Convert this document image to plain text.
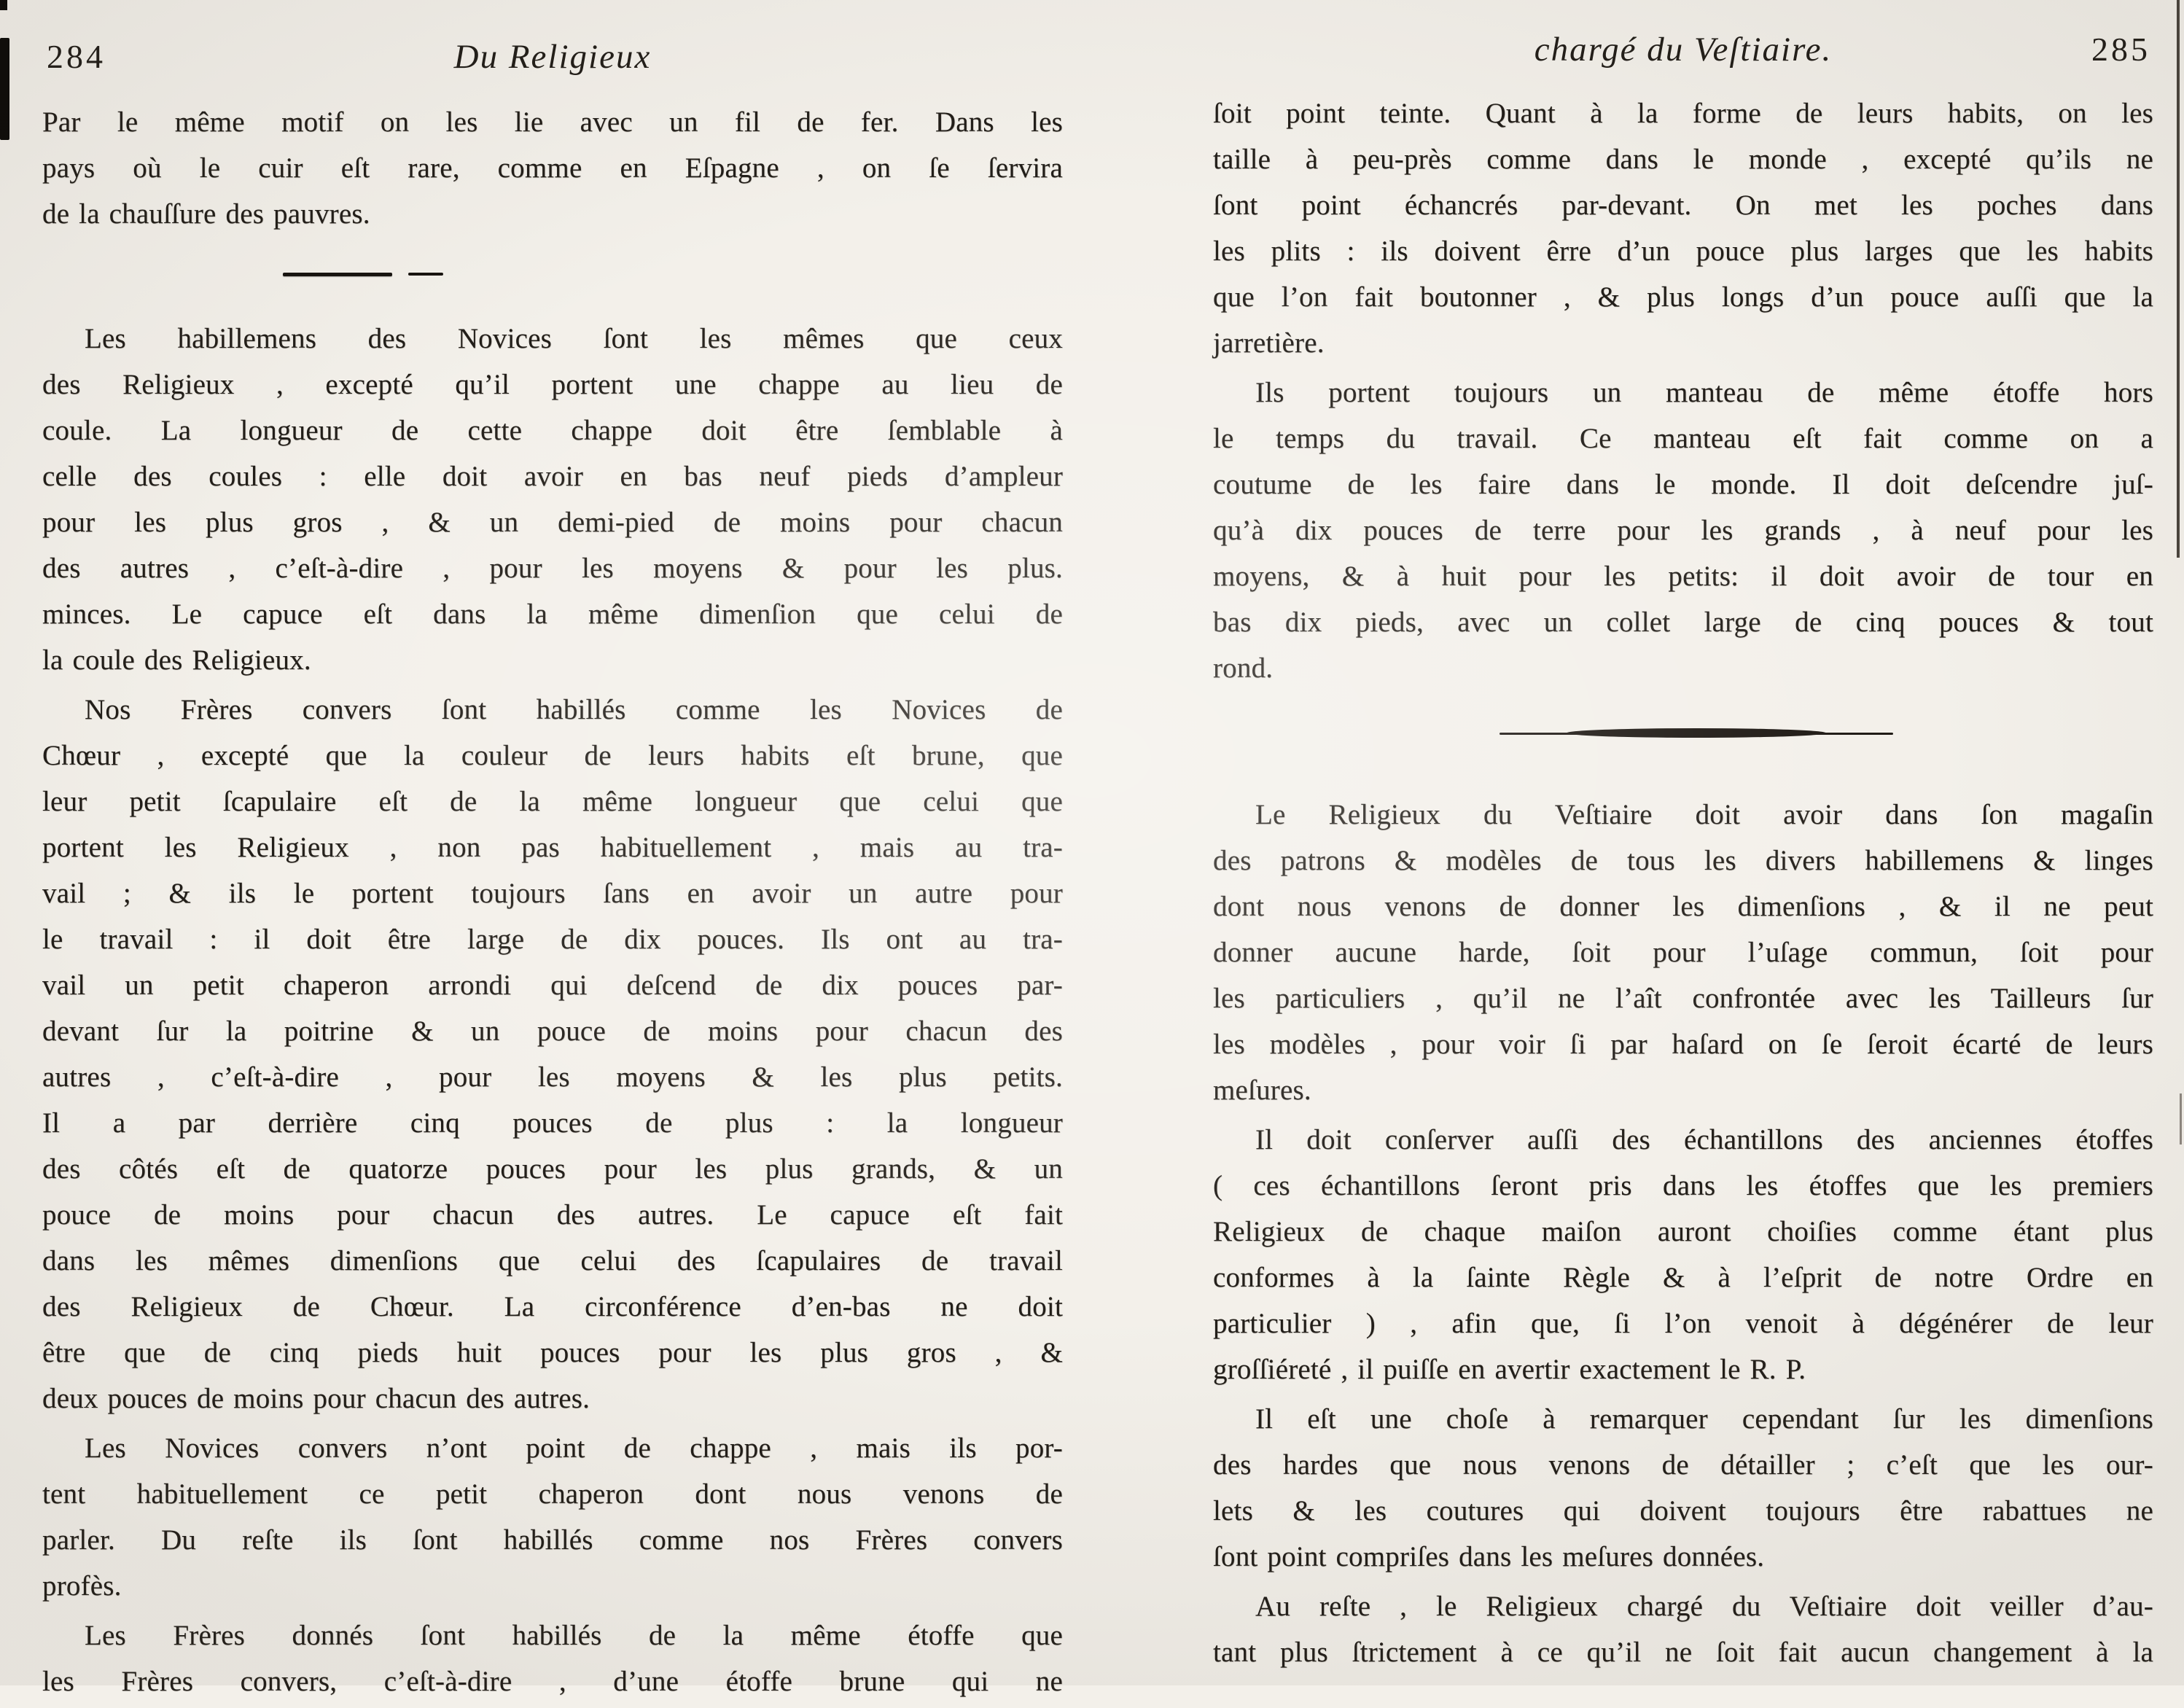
284	Du Religieux
Par le même motif on les lie avec un fil de fer. Dans les
pays où le cuir eſt rare, comme en Eſpagne , on ſe ſervira
de la chauſſure des pauvres.
Les habillemens des Novices ſont les mêmes que ceux
des Religieux , excepté qu’il portent une chappe au lieu de
coule. La longueur de cette chappe doit être ſemblable à
celle des coules : elle doit avoir en bas neuf pieds d’ampleur
pour les plus gros , & un demi-pied de moins pour chacun
des autres , c’eſt-à-dire , pour les moyens & pour les plus.
minces. Le capuce eſt dans la même dimenſion que celui de
la coule des Religieux.
Nos Frères convers ſont habillés comme les Novices de
Chœur , excepté que la couleur de leurs habits eſt brune, que
leur petit ſcapulaire eſt de la même longueur que celui que
portent les Religieux , non pas habituellement , mais au tra-
vail ; & ils le portent toujours ſans en avoir un autre pour
le travail : il doit être large de dix pouces. Ils ont au tra-
vail un petit chaperon arrondi qui deſcend de dix pouces par-
devant ſur la poitrine & un pouce de moins pour chacun des
autres , c’eſt-à-dire , pour les moyens & les plus petits.
Il a par derrière cinq pouces de plus : la longueur
des côtés eſt de quatorze pouces pour les plus grands, & un
pouce de moins pour chacun des autres. Le capuce eſt fait
dans les mêmes dimenſions que celui des ſcapulaires de travail
des Religieux de Chœur. La circonférence d’en-bas ne doit
être que de cinq pieds huit pouces pour les plus gros , &
deux pouces de moins pour chacun des autres.
Les Novices convers n’ont point de chappe , mais ils por-
tent habituellement ce petit chaperon dont nous venons de
parler. Du reſte ils ſont habillés comme nos Frères convers
profès.
Les Frères donnés ſont habillés de la même étoffe que
les Frères convers, c’eſt-à-dire , d’une étoffe brune qui ne
chargé du Veſtiaire.	285
ſoit point teinte. Quant à la forme de leurs habits, on les
taille à peu-près comme dans le monde , excepté qu’ils ne
ſont point échancrés par-devant. On met les poches dans
les plits : ils doivent êrre d’un pouce plus larges que les habits
que l’on fait boutonner , & plus longs d’un pouce auſſi que la
jarretière.
Ils portent toujours un manteau de même étoffe hors
le temps du travail. Ce manteau eſt fait comme on a
coutume de les faire dans le monde. Il doit deſcendre juſ-
qu’à dix pouces de terre pour les grands , à neuf pour les
moyens, & à huit pour les petits: il doit avoir de tour en
bas dix pieds, avec un collet large de cinq pouces & tout
rond.
Le Religieux du Veſtiaire doit avoir dans ſon magaſin
des patrons & modèles de tous les divers habillemens & linges
dont nous venons de donner les dimenſions , & il ne peut
donner aucune harde, ſoit pour l’uſage commun, ſoit pour
les particuliers , qu’il ne l’aît confrontée avec les Tailleurs ſur
les modèles , pour voir ſi par haſard on ſe ſeroit écarté de leurs
meſures.
Il doit conſerver auſſi des échantillons des anciennes étoffes
( ces échantillons ſeront pris dans les étoffes que les premiers
Religieux de chaque maiſon auront choiſies comme étant plus
conformes à la ſainte Règle & à l’eſprit de notre Ordre en
particulier ) , afin que, ſi l’on venoit à dégénérer de leur
groſſiéreté , il puiſſe en avertir exactement le R. P.
Il eſt une choſe à remarquer cependant ſur les dimenſions
des hardes que nous venons de détailler ; c’eſt que les our-
lets & les coutures qui doivent toujours être rabattues ne
ſont point compriſes dans les meſures données.
Au reſte , le Religieux chargé du Veſtiaire doit veiller d’au-
tant plus ſtrictement à ce qu’il ne ſoit fait aucun changement à la
